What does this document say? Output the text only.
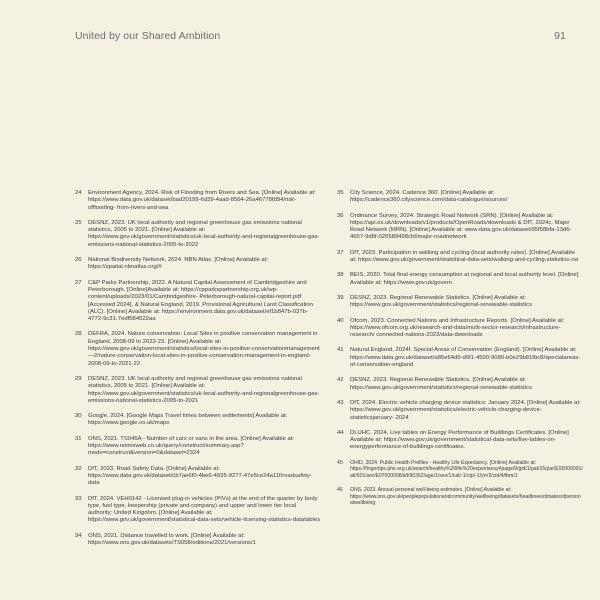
United by our Shared Ambition	91
24	Environment Agency, 2024. Risk of Flooding from Rivers and Sea. [Online] Available at: https://www.data.gov.uk/dataset/bad20199-6d39-4aad-8564-26a46778fd94/risk-offlooding- from-rivers-and-sea
25	DESNZ, 2023. UK local authority and regional greenhouse gas emissions national statistics, 2005 to 2021. [Online] Available at: https://www.gov.uk/government/statistics/uk-local-authority-and-regionalgreenhouse-gas-emissions-national-statistics-2005-to-2022
26	National Biodiversity Network, 2024. NBN Atlas. [Online] Available at: https://spatial.nbnatlas.org/#
27	C&P Parks Partnership, 2022. A Natural Capital Assessment of Cambridgeshire and Peterborough. [Online]Available at: https://cpparkspartnership.org.uk/wp-content/uploads/2023/01/Cambridgeshire- Peterborough-natural-capital-report.pdf [Accessed 2024]. & Natural England, 2019. Provisional Agricultural Land Classification (ALC). [Online] Available at: https://environment.data.gov.uk/dataset/ef1b847b-037b-4772-9c31-7edf584522aa
28	DEFRA, 2024. Nature conservation: Local Sites in positive conservation management in England, 2008-09 to 2022-23. [Online] Available at: https://www.gov.uk/government/statistics/local-sites-in-positive-conservationmanagement—2/nature-conservation-local-sites-in-positive-conservation-management-in-england-2008-09-to-2021-22
29	DESNZ, 2023. UK local authority and regional greenhouse gas emissions national statistics, 2005 to 2021. [Online] Available at: https://www.gov.uk/government/statistics/uk-local-authority-and-regionalgreenhouse-gas-emissions-national-statistics-2005-to-2021
30	Google, 2024. [Google Maps Travel times between settlements] Available at: https://www.google.co.uk/maps
31	ONS, 2021. TS045A - Number of cars or vans in the area. [Online] Available at: https://www.nomisweb.co.uk/query/construct/summary.asp?mode=construct&version=0&dataset=2324
32	DfT, 2023. Road Safety Data. [Online] Available at: https://www.data.gov.uk/dataset/cb7ae6f0-4be6-4935-9277-47e5ce24a11f/roadsafety-data
33	DfT, 2024. VEH0142 - Licensed plug-in vehicles (PIVs) at the end of the quarter by body type, fuel type, keepership (private and company) and upper and lower tier local authority: United Kingdom. [Online] Available at: https://www.gov.uk/government/statistical-data-sets/vehicle-licensing-statistics-datatables
34	ONS, 2021. Distance travelled to work. [Online] Available at: https://www.ons.gov.uk/datasets/TS058/editions/2021/versions/1
35	City Science, 2024. Cadence 360. [Online] Available at: https://cadence360.cityscience.com/data-catalogue/sources/
36	Ordinance Survey, 2024. Strategic Road Network (SRN). [Online] Available at: https://api.os.uk/downloads/v1/products/OpenRoads/downloads & DfT, 2024c. Major Road Network (MRN). [Online] Available at: www.data.gov.uk/dataset/95f58bfa-13d6-4657-9d6f-020589498cfd/major-roadnetwork
37	DfT, 2023. Participation in walking and cycling (local authority rates). [Online] Available at: https://www.gov.uk/government/statistical-data-sets/walking-and-cycling-statistics-cw
38	BEIS, 2020. Total final energy consumption at regional and local authority level. [Online] Available at: https://www.gov.uk/govern
39	DESNZ, 2023. Regional Renewable Statistics. [Online] Available at: https://www.gov.uk/government/statistics/regional-renewable-statistics
40	Ofcom, 2023. Connected Nations and Infrastructure Reports. [Online] Available at: https://www.ofcom.org.uk/research-and-data/multi-sector-research/infrastructure-research/ connected-nations-2023/data-downloads
41	Natural England, 2024f. Special Areas of Conservation (England). [Online] Available at: https://www.data.gov.uk/dataset/a85e64d9-d0f1-4500-9080-b0e29b81fbc8/specialareas- of-conservation-england
42	DESNZ, 2023. Regional Renewable Statistics. [Online] Available at: https://www.gov.uk/government/statistics/regional-renewable-statistics
43	DfT, 2024. Electric vehicle charging device statistics: January 2024. [Online] Available at: https://www.gov.uk/government/statistics/electric-vehicle-charging-device-statisticsjanuary- 2024
44	DLUHC, 2024. Live tables on Energy Performance of Buildings Certificates. [Online] Available at: https://www.gov.uk/government/statistical-data-sets/live-tables-on-energyperformance-of-buildings-certificates.
45	OHID, 2024. Public Health Profiles - Healthy Life Expectancy. [Online] Available at: https://fingertips.phe.org.uk/search/healthy%20life%20expectancy#page/9/gid/1/pat/15/par/E92000001/ati/501/are/E07000008/iid/90362/age/1/sex/1/cat/-1/ctp/-1/yrr/3/cid/4/tbm/1
46	ONS, 2023. Annual personal well-being estimates. [Online] Available at: https://www.ons.gov.uk/peoplepopulationandcommunity/wellbeing/datasets/headlineestimatesofpersonalwellbeing
